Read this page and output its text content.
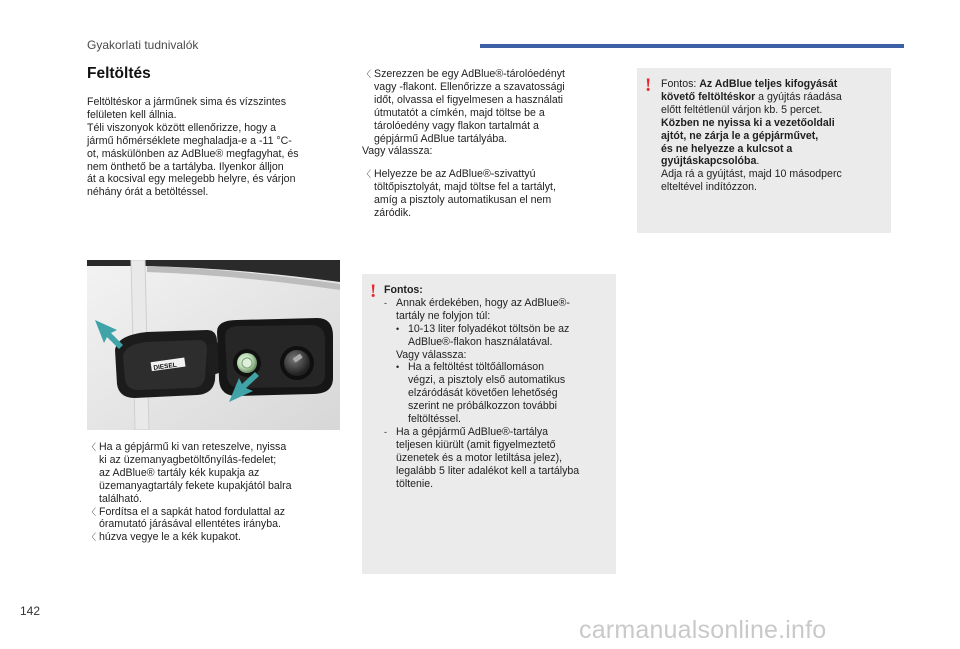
Gyakorlati tudnivalók
Feltöltés
Feltöltéskor a járműnek sima és vízszintes
felületen kell állnia.
Téli viszonyok között ellenőrizze, hogy a
jármű hőmérséklete meghaladja-e a -11 °C-
ot, máskülönben az AdBlue® megfagyhat, és
nem önthető be a tartályba. Ilyenkor álljon
át a kocsival egy melegebb helyre, és várjon
néhány órát a betöltéssel.
DIESEL
〈 Ha a gépjármű ki van reteszelve, nyissa
ki az üzemanyagbetöltőnyílás-fedelet;
az AdBlue® tartály kék kupakja az
üzemanyagtartály fekete kupakjától balra
található.
〈 Fordítsa el a sapkát hatod fordulattal az
óramutató járásával ellentétes irányba.
〈 húzva vegye le a kék kupakot.
〈 Szerezzen be egy AdBlue®-tárolóedényt
vagy -flakont. Ellenőrizze a szavatossági
időt, olvassa el figyelmesen a használati
útmutatót a címkén, majd töltse be a
tárolóedény vagy flakon tartalmát a
gépjármű AdBlue tartályába.
Vagy válassza:
〈 Helyezze be az AdBlue®-szivattyú
töltőpisztolyát, majd töltse fel a tartályt,
amíg a pisztoly automatikusan el nem
záródik.
! Fontos:
- Annak érdekében, hogy az AdBlue®-
tartály ne folyjon túl:
• 10-13 liter folyadékot töltsön be az
AdBlue®-flakon használatával.
Vagy válassza:
• Ha a feltöltést töltőállomáson
végzi, a pisztoly első automatikus
elzáródását követően lehetőség
szerint ne próbálkozzon további
feltöltéssel.
- Ha a gépjármű AdBlue®-tartálya
teljesen kiürült (amit figyelmeztető
üzenetek és a motor letiltása jelez),
legalább 5 liter adalékot kell a tartályba
töltenie.
! Fontos: Az AdBlue teljes kifogyását
követő feltöltéskor a gyújtás ráadása
előtt feltétlenül várjon kb. 5 percet.
Közben ne nyissa ki a vezetőoldali
ajtót, ne zárja le a gépjárművet,
és ne helyezze a kulcsot a
gyújtáskapcsolóba.
Adja rá a gyújtást, majd 10 másodperc
elteltével indítózzon.
142
carmanualsonline.info
